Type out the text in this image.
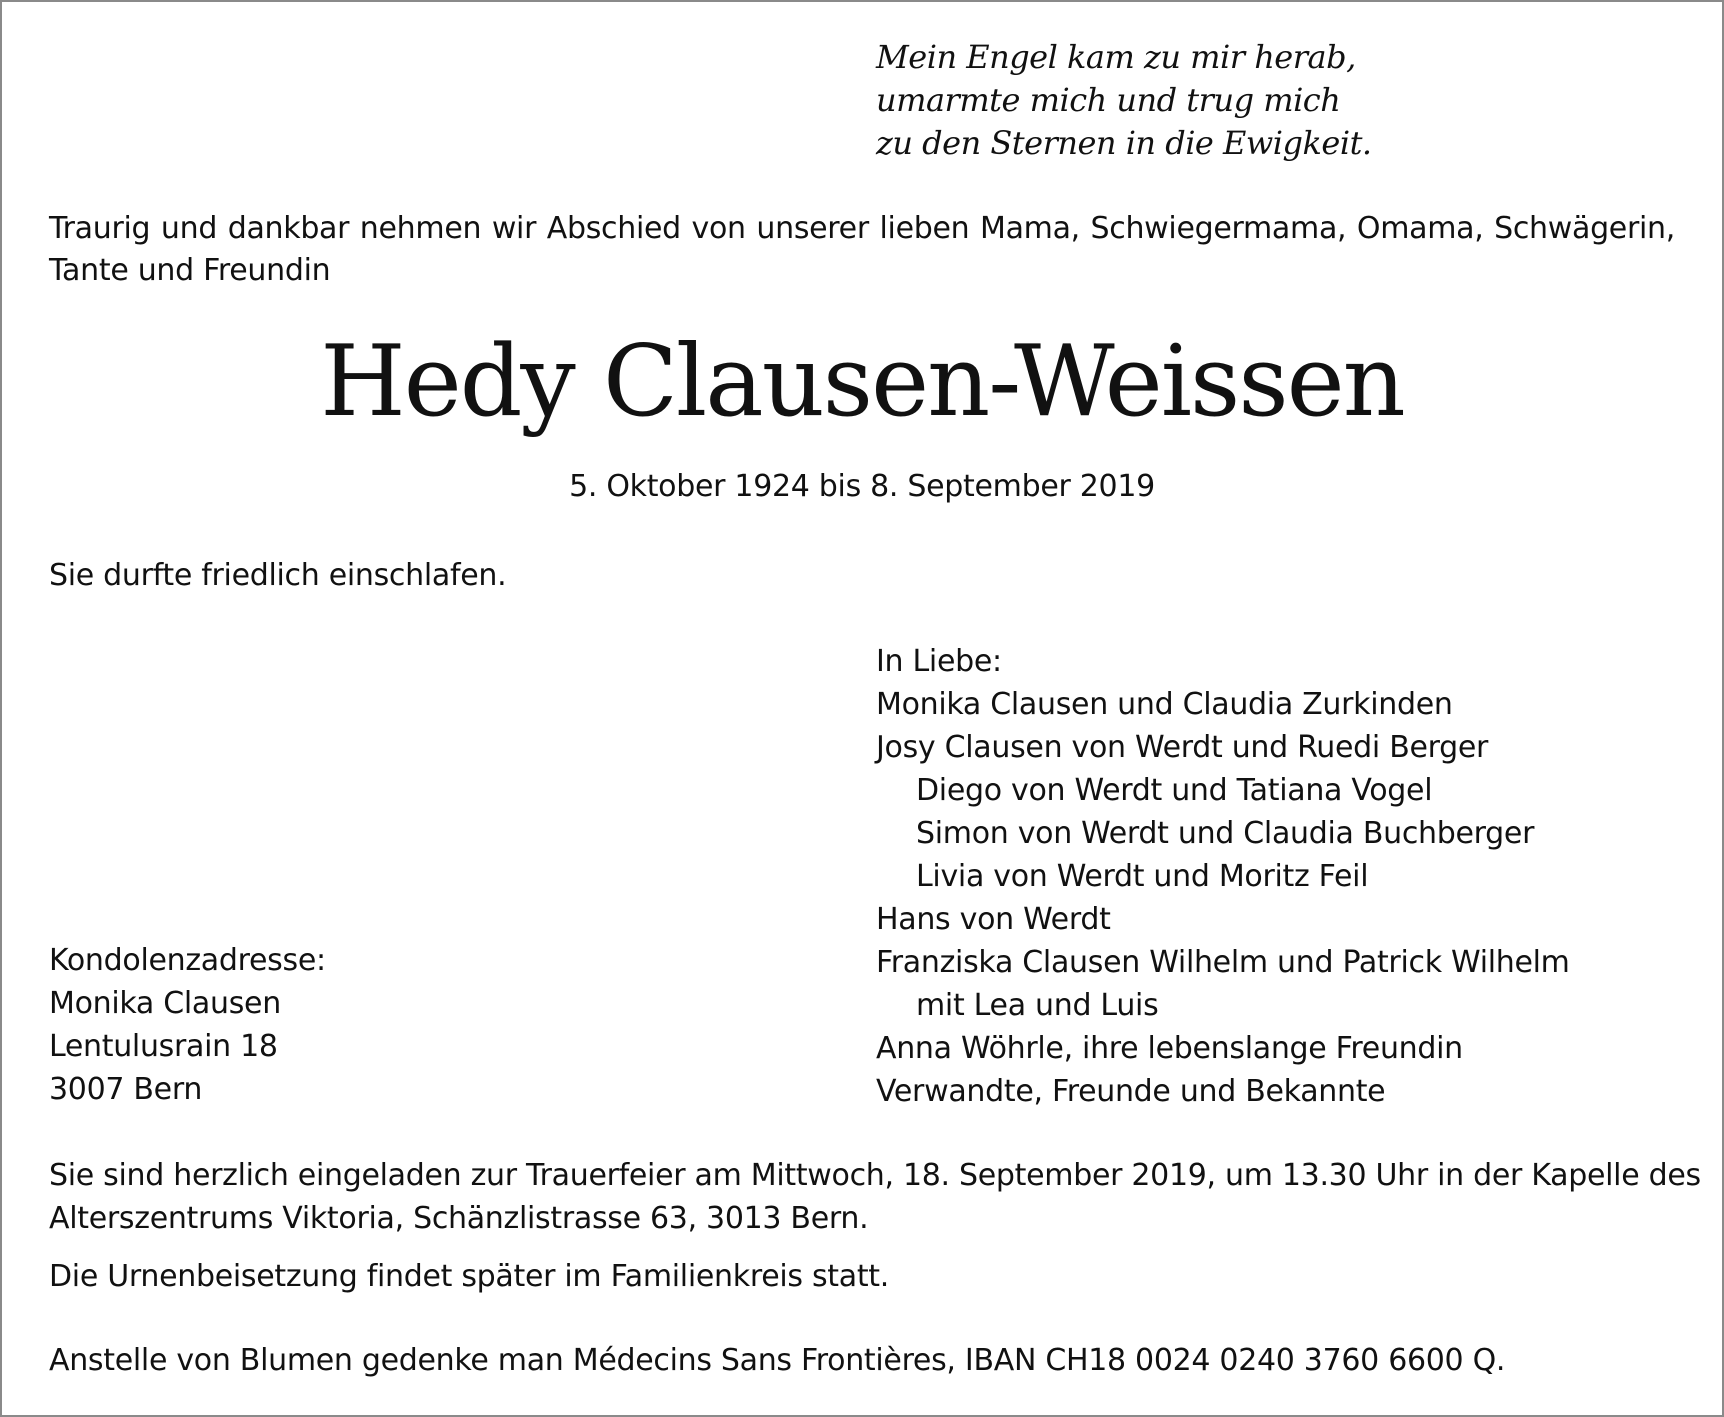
Mein Engel kam zu mir herab,
umarmte mich und trug mich
zu den Sternen in die Ewigkeit.
Traurig und dankbar nehmen wir Abschied von unserer lieben Mama, Schwiegermama, Omama, Schwägerin,
Tante und Freundin
Hedy Clausen-Weissen
5. Oktober 1924 bis 8. September 2019
Sie durfte friedlich einschlafen.
In Liebe:
Monika Clausen und Claudia Zurkinden
Josy Clausen von Werdt und Ruedi Berger
Diego von Werdt und Tatiana Vogel
Simon von Werdt und Claudia Buchberger
Livia von Werdt und Moritz Feil
Hans von Werdt
Franziska Clausen Wilhelm und Patrick Wilhelm
mit Lea und Luis
Anna Wöhrle, ihre lebenslange Freundin
Verwandte, Freunde und Bekannte
Kondolenzadresse:
Monika Clausen
Lentulusrain 18
3007 Bern
Sie sind herzlich eingeladen zur Trauerfeier am Mittwoch, 18. September 2019, um 13.30 Uhr in der Kapelle des
Alterszentrums Viktoria, Schänzlistrasse 63, 3013 Bern.
Die Urnenbeisetzung findet später im Familienkreis statt.
Anstelle von Blumen gedenke man Médecins Sans Frontières, IBAN CH18 0024 0240 3760 6600 Q.
